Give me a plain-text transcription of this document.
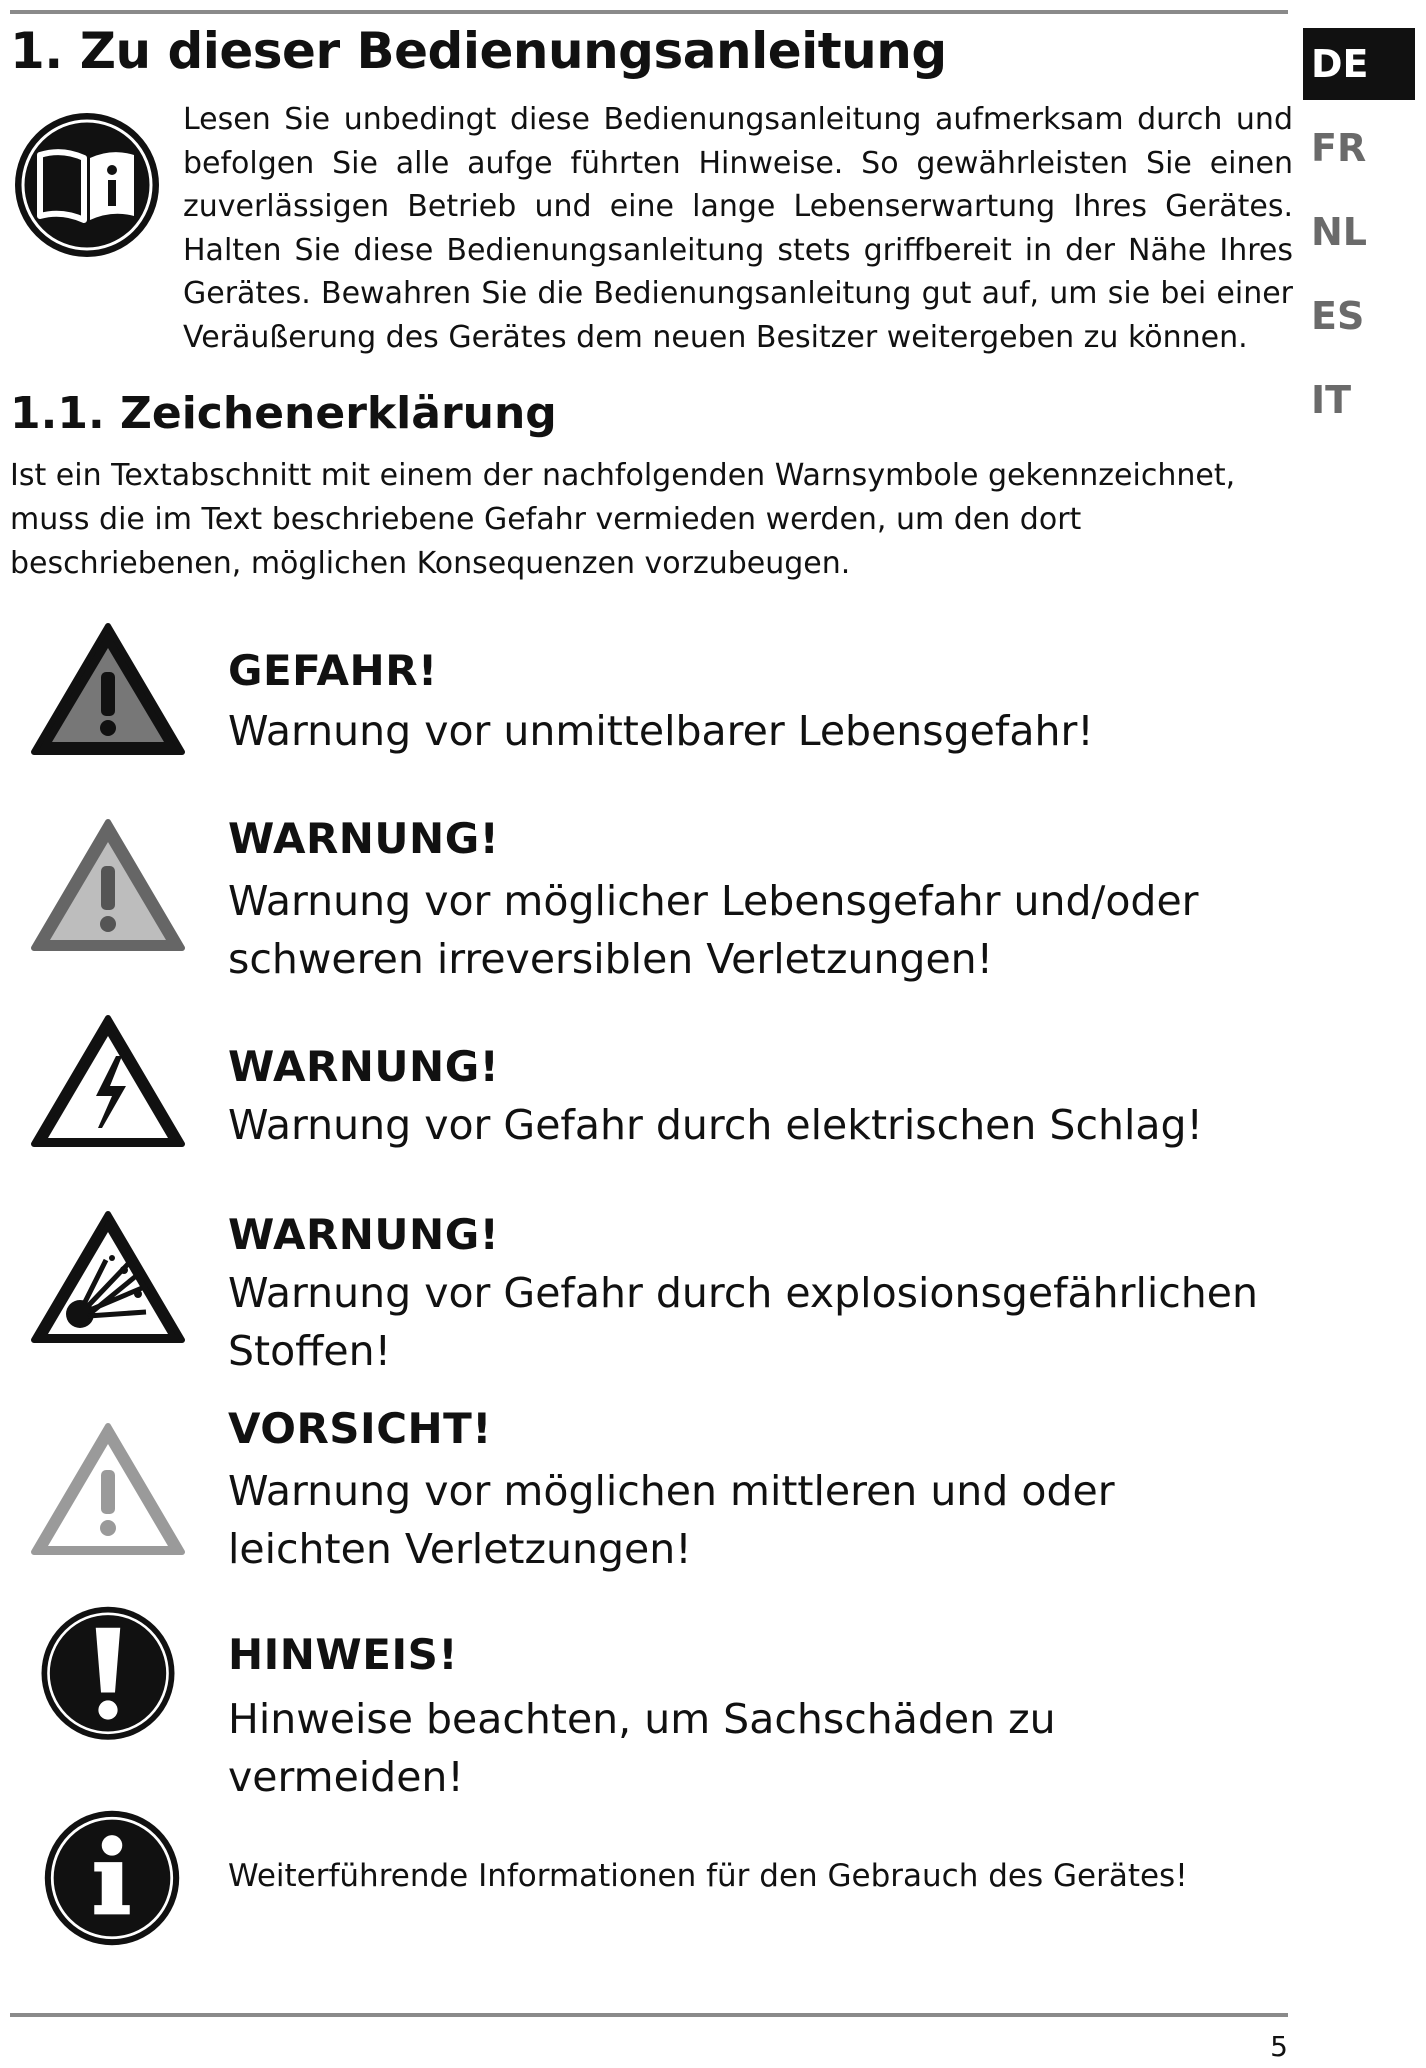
1. Zu dieser Bedienungsanleitung

Lesen Sie unbedingt diese Bedienungsanleitung aufmerksam durch und befolgen Sie alle aufge führten Hinweise. So gewährleisten Sie einen zuverlässigen Betrieb und eine lange Lebenserwartung Ihres Gerätes. Halten Sie diese Bedienungsanleitung stets griffbereit in der Nähe Ihres Gerätes. Bewahren Sie die Bedienungsanleitung gut auf, um sie bei einer Veräußerung des Gerätes dem neuen Besitzer weitergeben zu können.

DE
FR
NL
ES
IT
1.1. Zeichenerklärung

Ist ein Textabschnitt mit einem der nachfolgenden Warnsymbole gekennzeichnet, muss die im Text beschriebene Gefahr vermieden werden, um den dort beschriebenen, möglichen Konsequenzen vorzubeugen.

GEFAHR!
Warnung vor unmittelbarer Lebensgefahr!
WARNUNG!
Warnung vor möglicher Lebensgefahr und/oder schweren irreversiblen Verletzungen!
WARNUNG!
Warnung vor Gefahr durch elektrischen Schlag!
WARNUNG!
Warnung vor Gefahr durch explosionsgefährlichen Stoffen!
VORSICHT!
Warnung vor möglichen mittleren und oder leichten Verletzungen!
HINWEIS!
Hinweise beachten, um Sachschäden zu vermeiden!
Weiterführende Informationen für den Gebrauch des Gerätes!
5
